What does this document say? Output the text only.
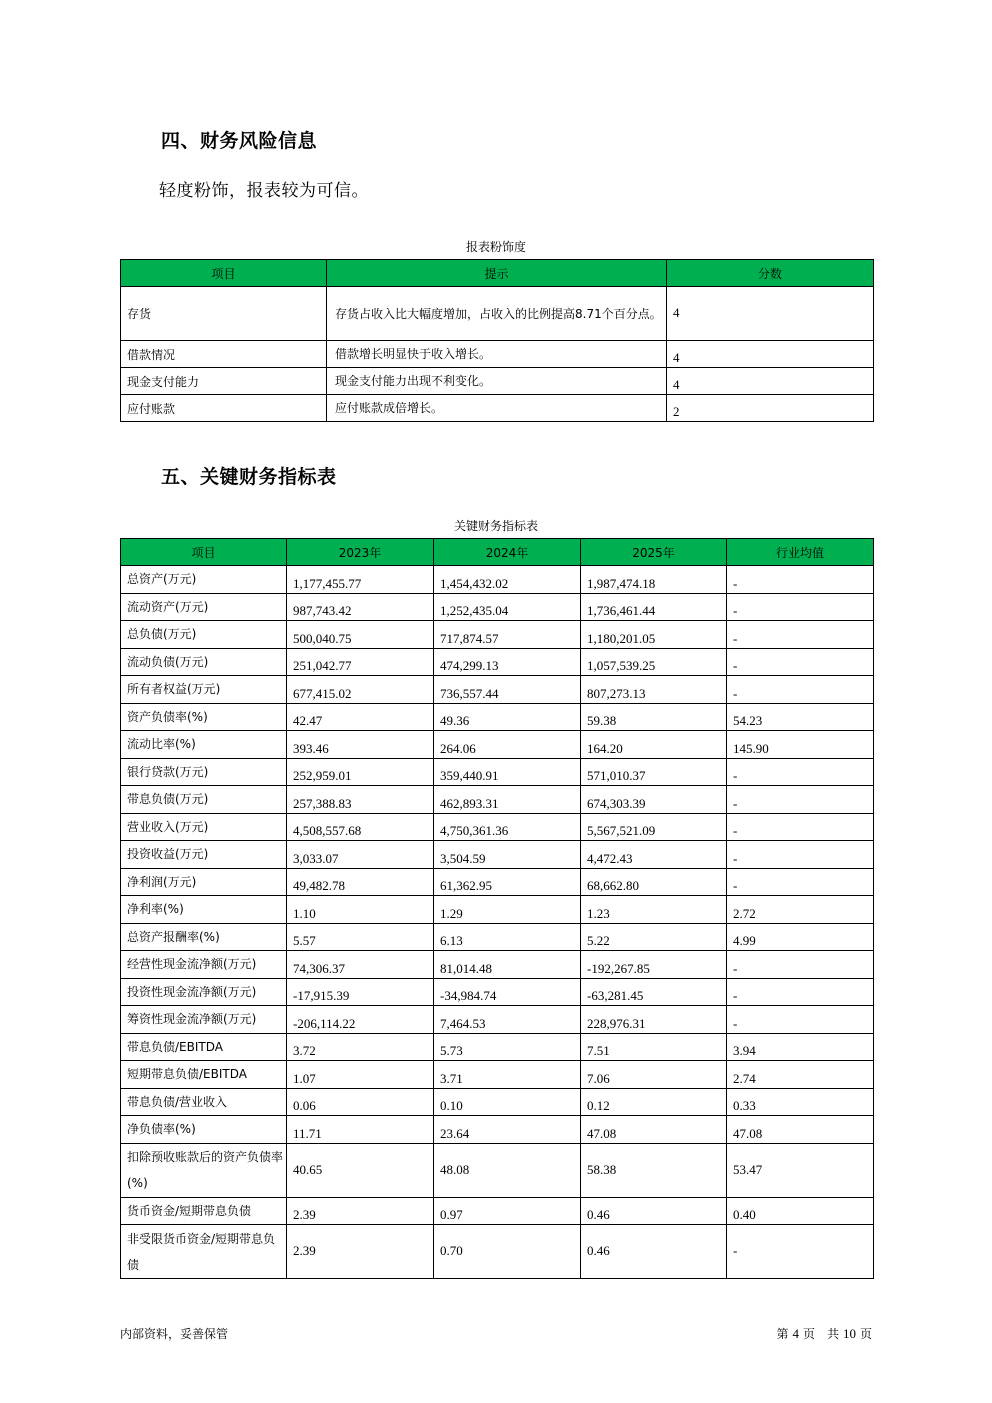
四、财务风险信息

轻度粉饰，报表较为可信。

报表粉饰度
项目	提示	分数
存货	存货占收入比大幅度增加，占收入的比例提高8.71个百分点。	4
借款情况	借款增长明显快于收入增长。	4
现金支付能力	现金支付能力出现不利变化。	4
应付账款	应付账款成倍增长。	2
五、关键财务指标表
关键财务指标表
项目	2023年	2024年	2025年	行业均值
总资产(万元)	1,177,455.77	1,454,432.02	1,987,474.18	-
流动资产(万元)	987,743.42	1,252,435.04	1,736,461.44	-
总负债(万元)	500,040.75	717,874.57	1,180,201.05	-
流动负债(万元)	251,042.77	474,299.13	1,057,539.25	-
所有者权益(万元)	677,415.02	736,557.44	807,273.13	-
资产负债率(%)	42.47	49.36	59.38	54.23
流动比率(%)	393.46	264.06	164.20	145.90
银行贷款(万元)	252,959.01	359,440.91	571,010.37	-
带息负债(万元)	257,388.83	462,893.31	674,303.39	-
营业收入(万元)	4,508,557.68	4,750,361.36	5,567,521.09	-
投资收益(万元)	3,033.07	3,504.59	4,472.43	-
净利润(万元)	49,482.78	61,362.95	68,662.80	-
净利率(%)	1.10	1.29	1.23	2.72
总资产报酬率(%)	5.57	6.13	5.22	4.99
经营性现金流净额(万元)	74,306.37	81,014.48	-192,267.85	-
投资性现金流净额(万元)	-17,915.39	-34,984.74	-63,281.45	-
筹资性现金流净额(万元)	-206,114.22	7,464.53	228,976.31	-
带息负债/EBITDA	3.72	5.73	7.51	3.94
短期带息负债/EBITDA	1.07	3.71	7.06	2.74
带息负债/营业收入	0.06	0.10	0.12	0.33
净负债率(%)	11.71	23.64	47.08	47.08
扣除预收账款后的资产负债率(%)	40.65	48.08	58.38	53.47
货币资金/短期带息负债	2.39	0.97	0.46	0.40
非受限货币资金/短期带息负债	2.39	0.70	0.46	-
内部资料，妥善保管	第 4 页　共 10 页
